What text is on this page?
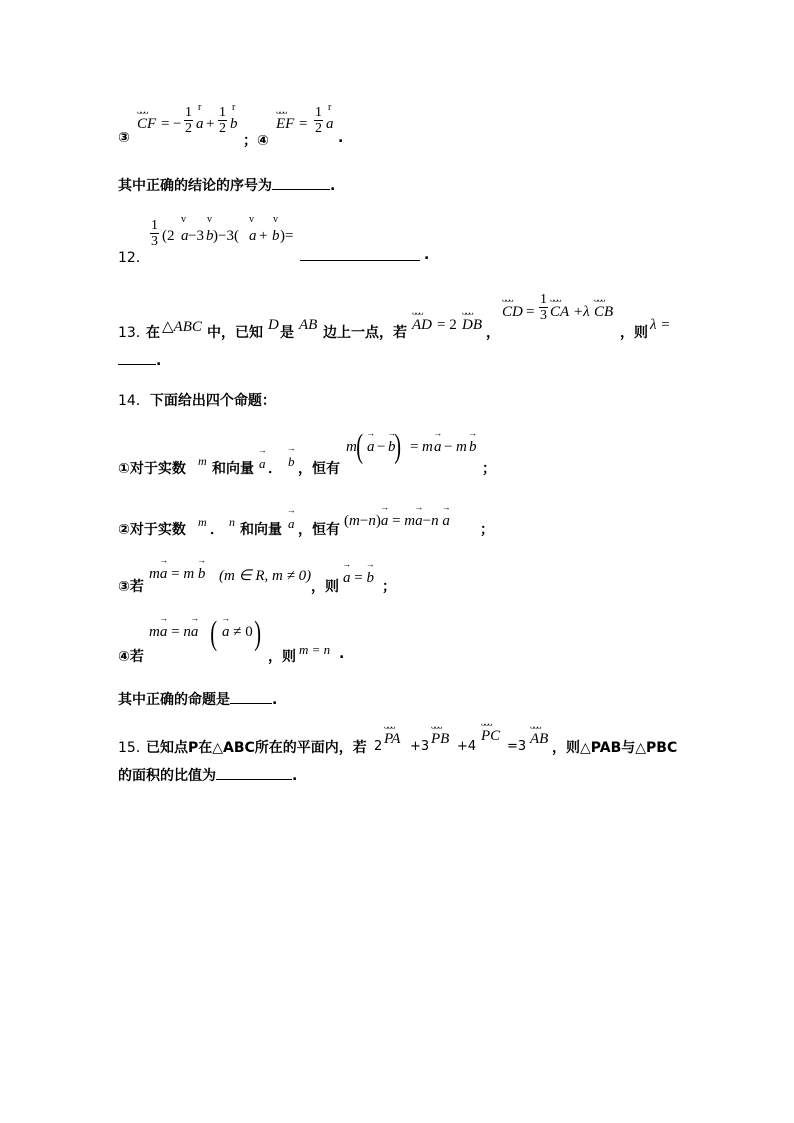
③
ᴗᴗᴗ
CF = − $\frac{1}{2}$ a
r
+ $\frac{1}{2}$ b
r
；④
ᴗᴗᴗ
EF = $\frac{1}{2}$ a
r
.
其中正确的结论的序号为	.
12．
$\frac{1}{3} (2$ a
v
−3 b
v
)−3( a
v
+ b
v
)=
.
13．
在 △ABC 中，已知 D 是 AB 边上一点，若
ᴗᴗᴗ
AD = 2
ᴗᴗᴗ
DB ，
ᴗᴗᴗ
CD = $\frac{1}{3}$ ᴗᴗᴗ
CA +λ
ᴗᴗᴗ
CB
，则 λ =
.
14．下面给出四个命题：
①对于实数 m 和向量 → a ． → b ，恒有
m ( → a − → b
) = m → a − m → b
；
②对于实数 m ． n 和向量 → a ，恒有
(m−n)→ a = m→ a−n → a
；
③若
m→ a = m → b (m ∈ R, m ≠ 0)
，则
→ a = → b
；
④若
m→ a = n→ a ( → a ≠ 0 )
，则 m = n .
其中正确的命题是	.
15．
已知点P在△ABC所在的平面内，若 2
ᴗᴗᴗ
PA +3
ᴗᴗᴗ
PB +4
ᴗᴗᴗ
PC
=3
ᴗᴗᴗ
AB
，则△PAB与△PBC
的面积的比值为	.
